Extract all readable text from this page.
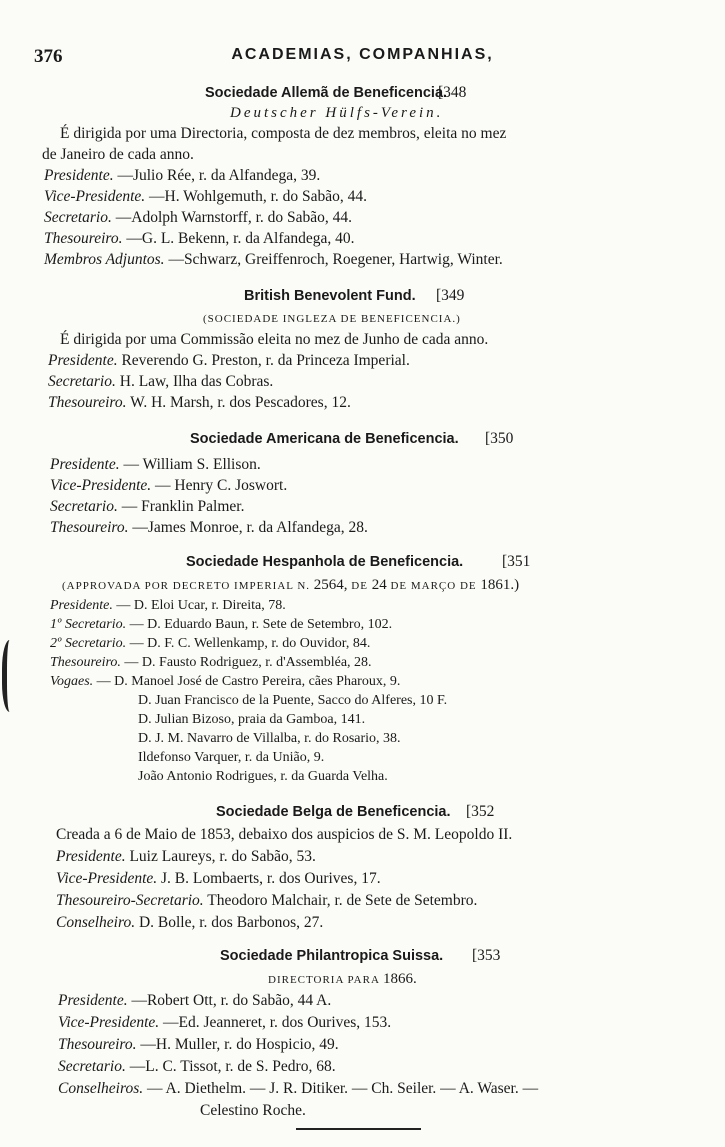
376	ACADEMIAS, COMPANHIAS,
Sociedade Allemã de Beneficencia.
[348
Deutscher Hülfs-Verein.
É dirigida por uma Directoria, composta de dez membros, eleita no mez
de Janeiro de cada anno.
Presidente. —Julio Rée, r. da Alfandega, 39.
Vice-Presidente. —H. Wohlgemuth, r. do Sabão, 44.
Secretario. —Adolph Warnstorff, r. do Sabão, 44.
Thesoureiro. —G. L. Bekenn, r. da Alfandega, 40.
Membros Adjuntos. —Schwarz, Greiffenroch, Roegener, Hartwig, Winter.
British Benevolent Fund. [349
(SOCIEDADE INGLEZA DE BENEFICENCIA.)
É dirigida por uma Commissão eleita no mez de Junho de cada anno.
Presidente. Reverendo G. Preston, r. da Princeza Imperial.
Secretario. H. Law, Ilha das Cobras.
Thesoureiro. W. H. Marsh, r. dos Pescadores, 12.
Sociedade Americana de Beneficencia. [350
Presidente. — William S. Ellison.
Vice-Presidente. — Henry C. Joswort.
Secretario. — Franklin Palmer.
Thesoureiro. —James Monroe, r. da Alfandega, 28.
Sociedade Hespanhola de Beneficencia.	[351
(APPROVADA POR DECRETO IMPERIAL N. 2564, DE 24 DE MARÇO DE 1861.)
Presidente. — D. Eloi Ucar, r. Direita, 78.
1º Secretario. — D. Eduardo Baun, r. Sete de Setembro, 102.
2º Secretario. — D. F. C. Wellenkamp, r. do Ouvidor, 84.
Thesoureiro. — D. Fausto Rodriguez, r. d'Assembléa, 28.
Vogaes. — D. Manoel José de Castro Pereira, cães Pharoux, 9.
D. Juan Francisco de la Puente, Sacco do Alferes, 10 F.
D. Julian Bizoso, praia da Gamboa, 141.
D. J. M. Navarro de Villalba, r. do Rosario, 38.
Ildefonso Varquer, r. da União, 9.
João Antonio Rodrigues, r. da Guarda Velha.
Sociedade Belga de Beneficencia. [352
Creada a 6 de Maio de 1853, debaixo dos auspicios de S. M. Leopoldo II.
Presidente. Luiz Laureys, r. do Sabão, 53.
Vice-Presidente. J. B. Lombaerts, r. dos Ourives, 17.
Thesoureiro-Secretario. Theodoro Malchair, r. de Sete de Setembro.
Conselheiro. D. Bolle, r. dos Barbonos, 27.
Sociedade Philantropica Suissa. [353
DIRECTORIA PARA 1866.
Presidente. —Robert Ott, r. do Sabão, 44 A.
Vice-Presidente. —Ed. Jeanneret, r. dos Ourives, 153.
Thesoureiro. —H. Muller, r. do Hospicio, 49.
Secretario. —L. C. Tissot, r. de S. Pedro, 68.
Conselheiros. — A. Diethelm. — J. R. Ditiker. — Ch. Seiler. — A. Waser. —
Celestino Roche.
